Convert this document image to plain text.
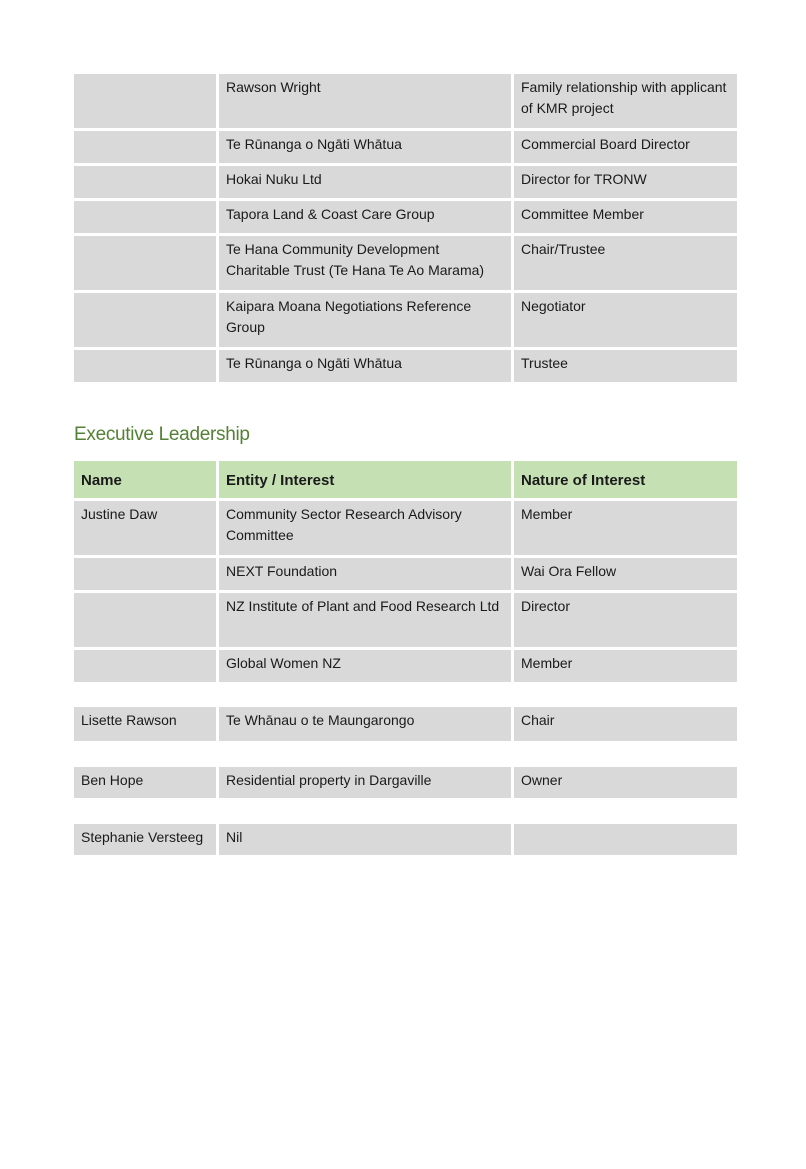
	Rawson Wright	Family relationship with applicant of KMR project
	Te Rūnanga o Ngāti Whātua	Commercial Board Director
	Hokai Nuku Ltd	Director for TRONW
	Tapora Land & Coast Care Group	Committee Member
	Te Hana Community Development Charitable Trust (Te Hana Te Ao Marama)	Chair/Trustee
	Kaipara Moana Negotiations Reference Group	Negotiator
	Te Rūnanga o Ngāti Whātua	Trustee
Executive Leadership
Name	Entity / Interest	Nature of Interest
Justine Daw	Community Sector Research Advisory Committee	Member
	NEXT Foundation	Wai Ora Fellow
	NZ Institute of Plant and Food Research Ltd	Director
	Global Women NZ	Member
Lisette Rawson	Te Whānau o te Maungarongo	Chair
Ben Hope	Residential property in Dargaville	Owner
Stephanie Versteeg	Nil	
